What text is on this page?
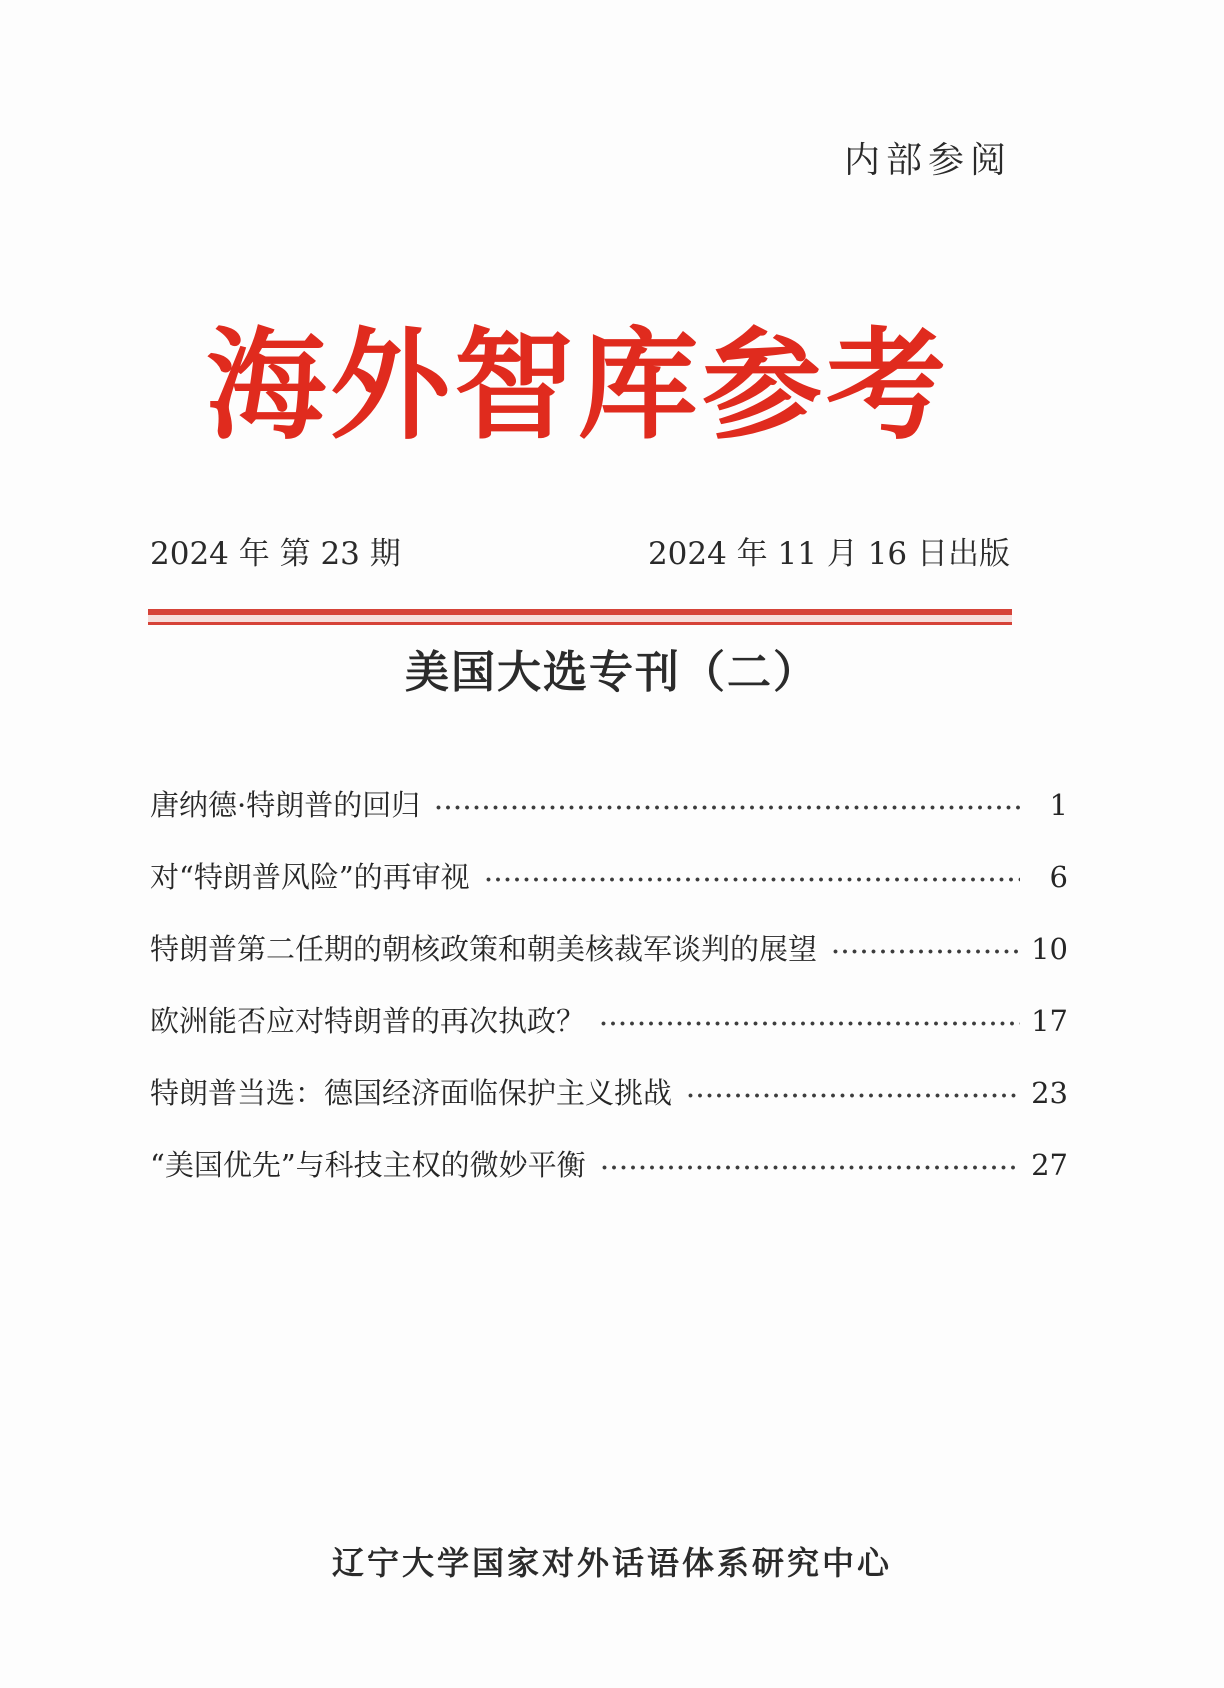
内部参阅
海外智库参考
2024 年 第 23 期	2024 年 11 月 16 日出版
美国大选专刊（二）
唐纳德·特朗普的回归	1
对“特朗普风险”的再审视	6
特朗普第二任期的朝核政策和朝美核裁军谈判的展望	10
欧洲能否应对特朗普的再次执政？	17
特朗普当选：德国经济面临保护主义挑战	23
“美国优先”与科技主权的微妙平衡	27
辽宁大学国家对外话语体系研究中心
